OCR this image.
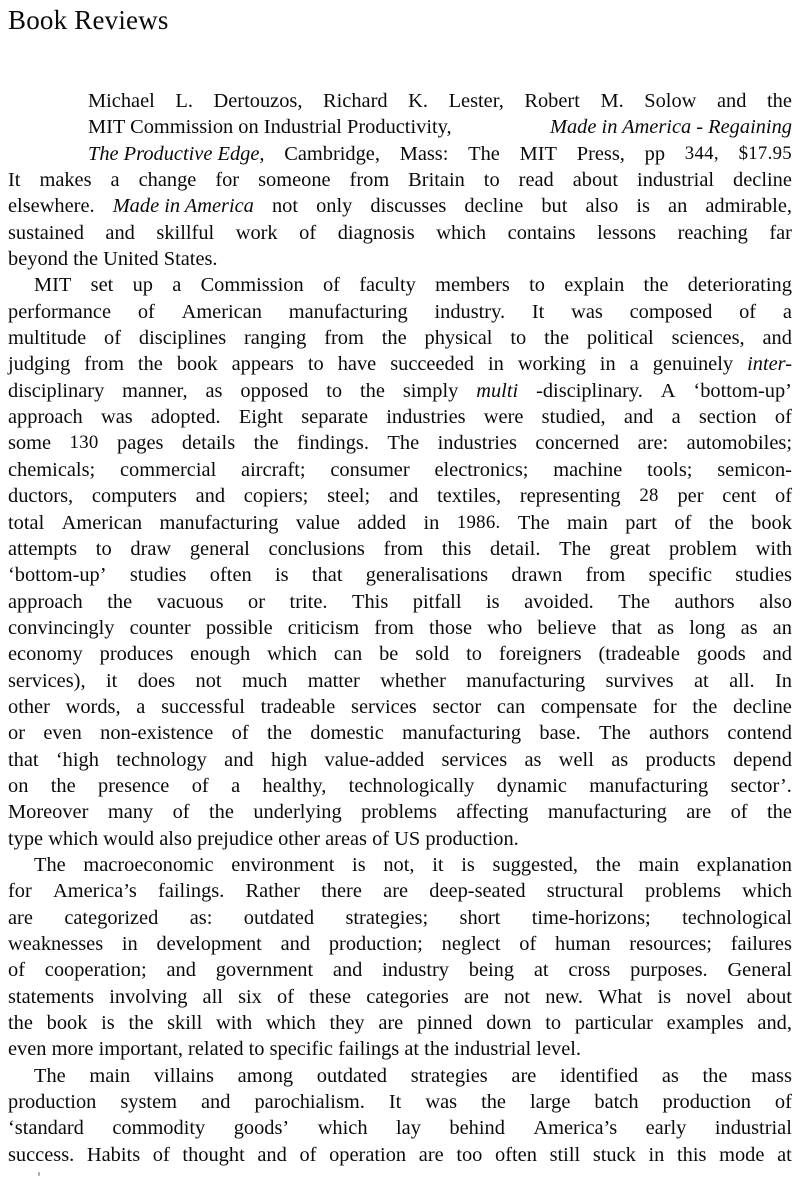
Book Reviews
Michael L. Dertouzos, Richard K. Lester, Robert M. Solow and the
MIT Commission on Industrial Productivity,	Made in America - Regaining
The Productive Edge, Cambridge, Mass: The MIT Press, pp 344, $17.95
It makes a change for someone from Britain to read about industrial decline
elsewhere. Made in America not only discusses decline but also is an admirable,
sustained and skillful work of diagnosis which contains lessons reaching far
beyond the United States.
MIT set up a Commission of faculty members to explain the deteriorating
performance of American manufacturing industry. It was composed of a
multitude of disciplines ranging from the physical to the political sciences, and
judging from the book appears to have succeeded in working in a genuinely inter-
disciplinary manner, as opposed to the simply multi -disciplinary. A ‘bottom-up’
approach was adopted. Eight separate industries were studied, and a section of
some 130 pages details the findings. The industries concerned are: automobiles;
chemicals; commercial aircraft; consumer electronics; machine tools; semicon-
ductors, computers and copiers; steel; and textiles, representing 28 per cent of
total American manufacturing value added in 1986. The main part of the book
attempts to draw general conclusions from this detail. The great problem with
‘bottom-up’ studies often is that generalisations drawn from specific studies
approach the vacuous or trite. This pitfall is avoided. The authors also
convincingly counter possible criticism from those who believe that as long as an
economy produces enough which can be sold to foreigners (tradeable goods and
services), it does not much matter whether manufacturing survives at all. In
other words, a successful tradeable services sector can compensate for the decline
or even non-existence of the domestic manufacturing base. The authors contend
that ‘high technology and high value-added services as well as products depend
on the presence of a healthy, technologically dynamic manufacturing sector’.
Moreover many of the underlying problems affecting manufacturing are of the
type which would also prejudice other areas of US production.
The macroeconomic environment is not, it is suggested, the main explanation
for America’s failings. Rather there are deep-seated structural problems which
are categorized as: outdated strategies; short time-horizons; technological
weaknesses in development and production; neglect of human resources; failures
of cooperation; and government and industry being at cross purposes. General
statements involving all six of these categories are not new. What is novel about
the book is the skill with which they are pinned down to particular examples and,
even more important, related to specific failings at the industrial level.
The main villains among outdated strategies are identified as the mass
production system and parochialism. It was the large batch production of
‘standard commodity goods’ which lay behind America’s early industrial
success. Habits of thought and of operation are too often still stuck in this mode at
